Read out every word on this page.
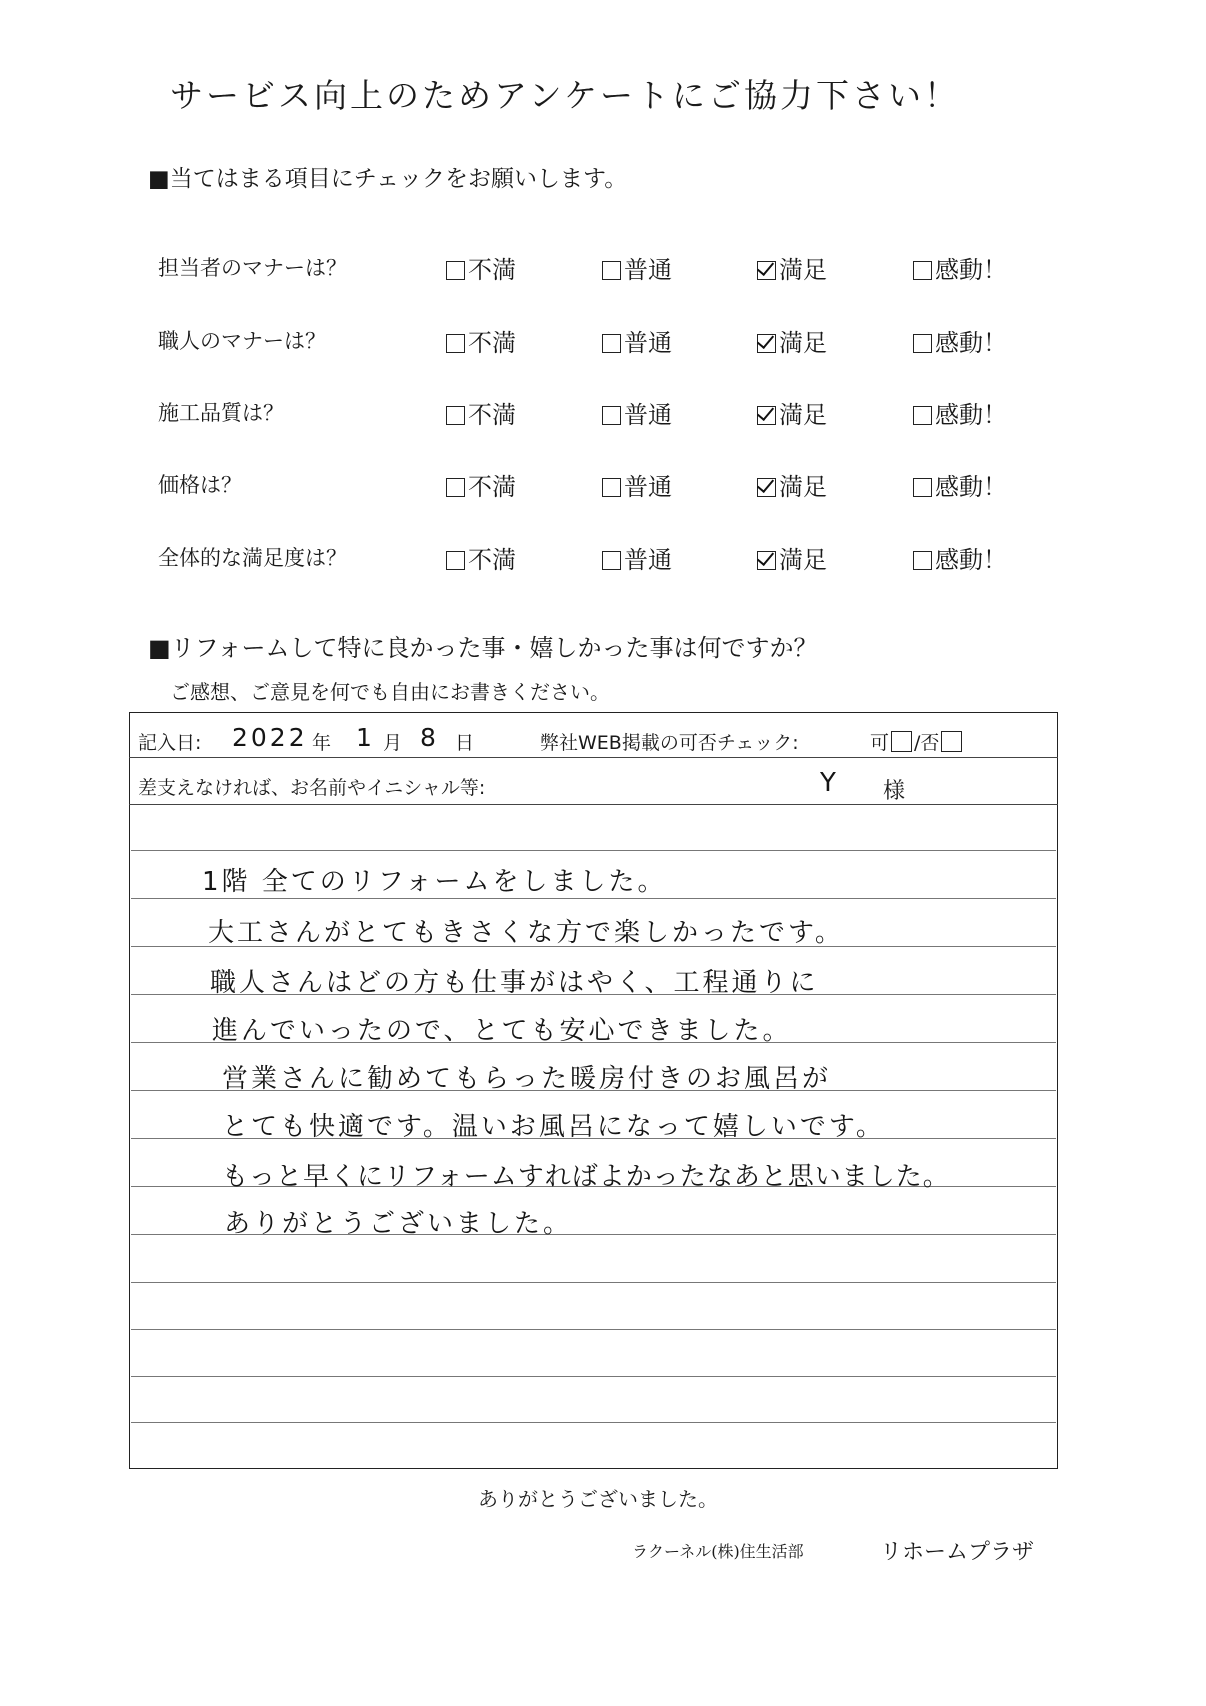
サービス向上のためアンケートにご協力下さい！
■当てはまる項目にチェックをお願いします。
担当者のマナーは？	不満	普通	満足	感動！
職人のマナーは？	不満	普通	満足	感動！
施工品質は？	不満	普通	満足	感動！
価格は？	不満	普通	満足	感動！
全体的な満足度は？	不満	普通	満足	感動！
■リフォームして特に良かった事・嬉しかった事は何ですか？
ご感想、ご意見を何でも自由にお書きください。
記入日: 2022 年 1 月 8 日	弊社WEB掲載の可否チェック:	可 /否
差支えなければ、お名前やイニシャル等:	Y 様
1階 全てのリフォームをしました。
大工さんがとてもきさくな方で楽しかったです。
職人さんはどの方も仕事がはやく、工程通りに
進んでいったので、とても安心できました。
営業さんに勧めてもらった暖房付きのお風呂が
とても快適です。温いお風呂になって嬉しいです。
もっと早くにリフォームすればよかったなあと思いました。
ありがとうございました。
ありがとうございました。
ラクーネル(株)住生活部	リホームプラザ
